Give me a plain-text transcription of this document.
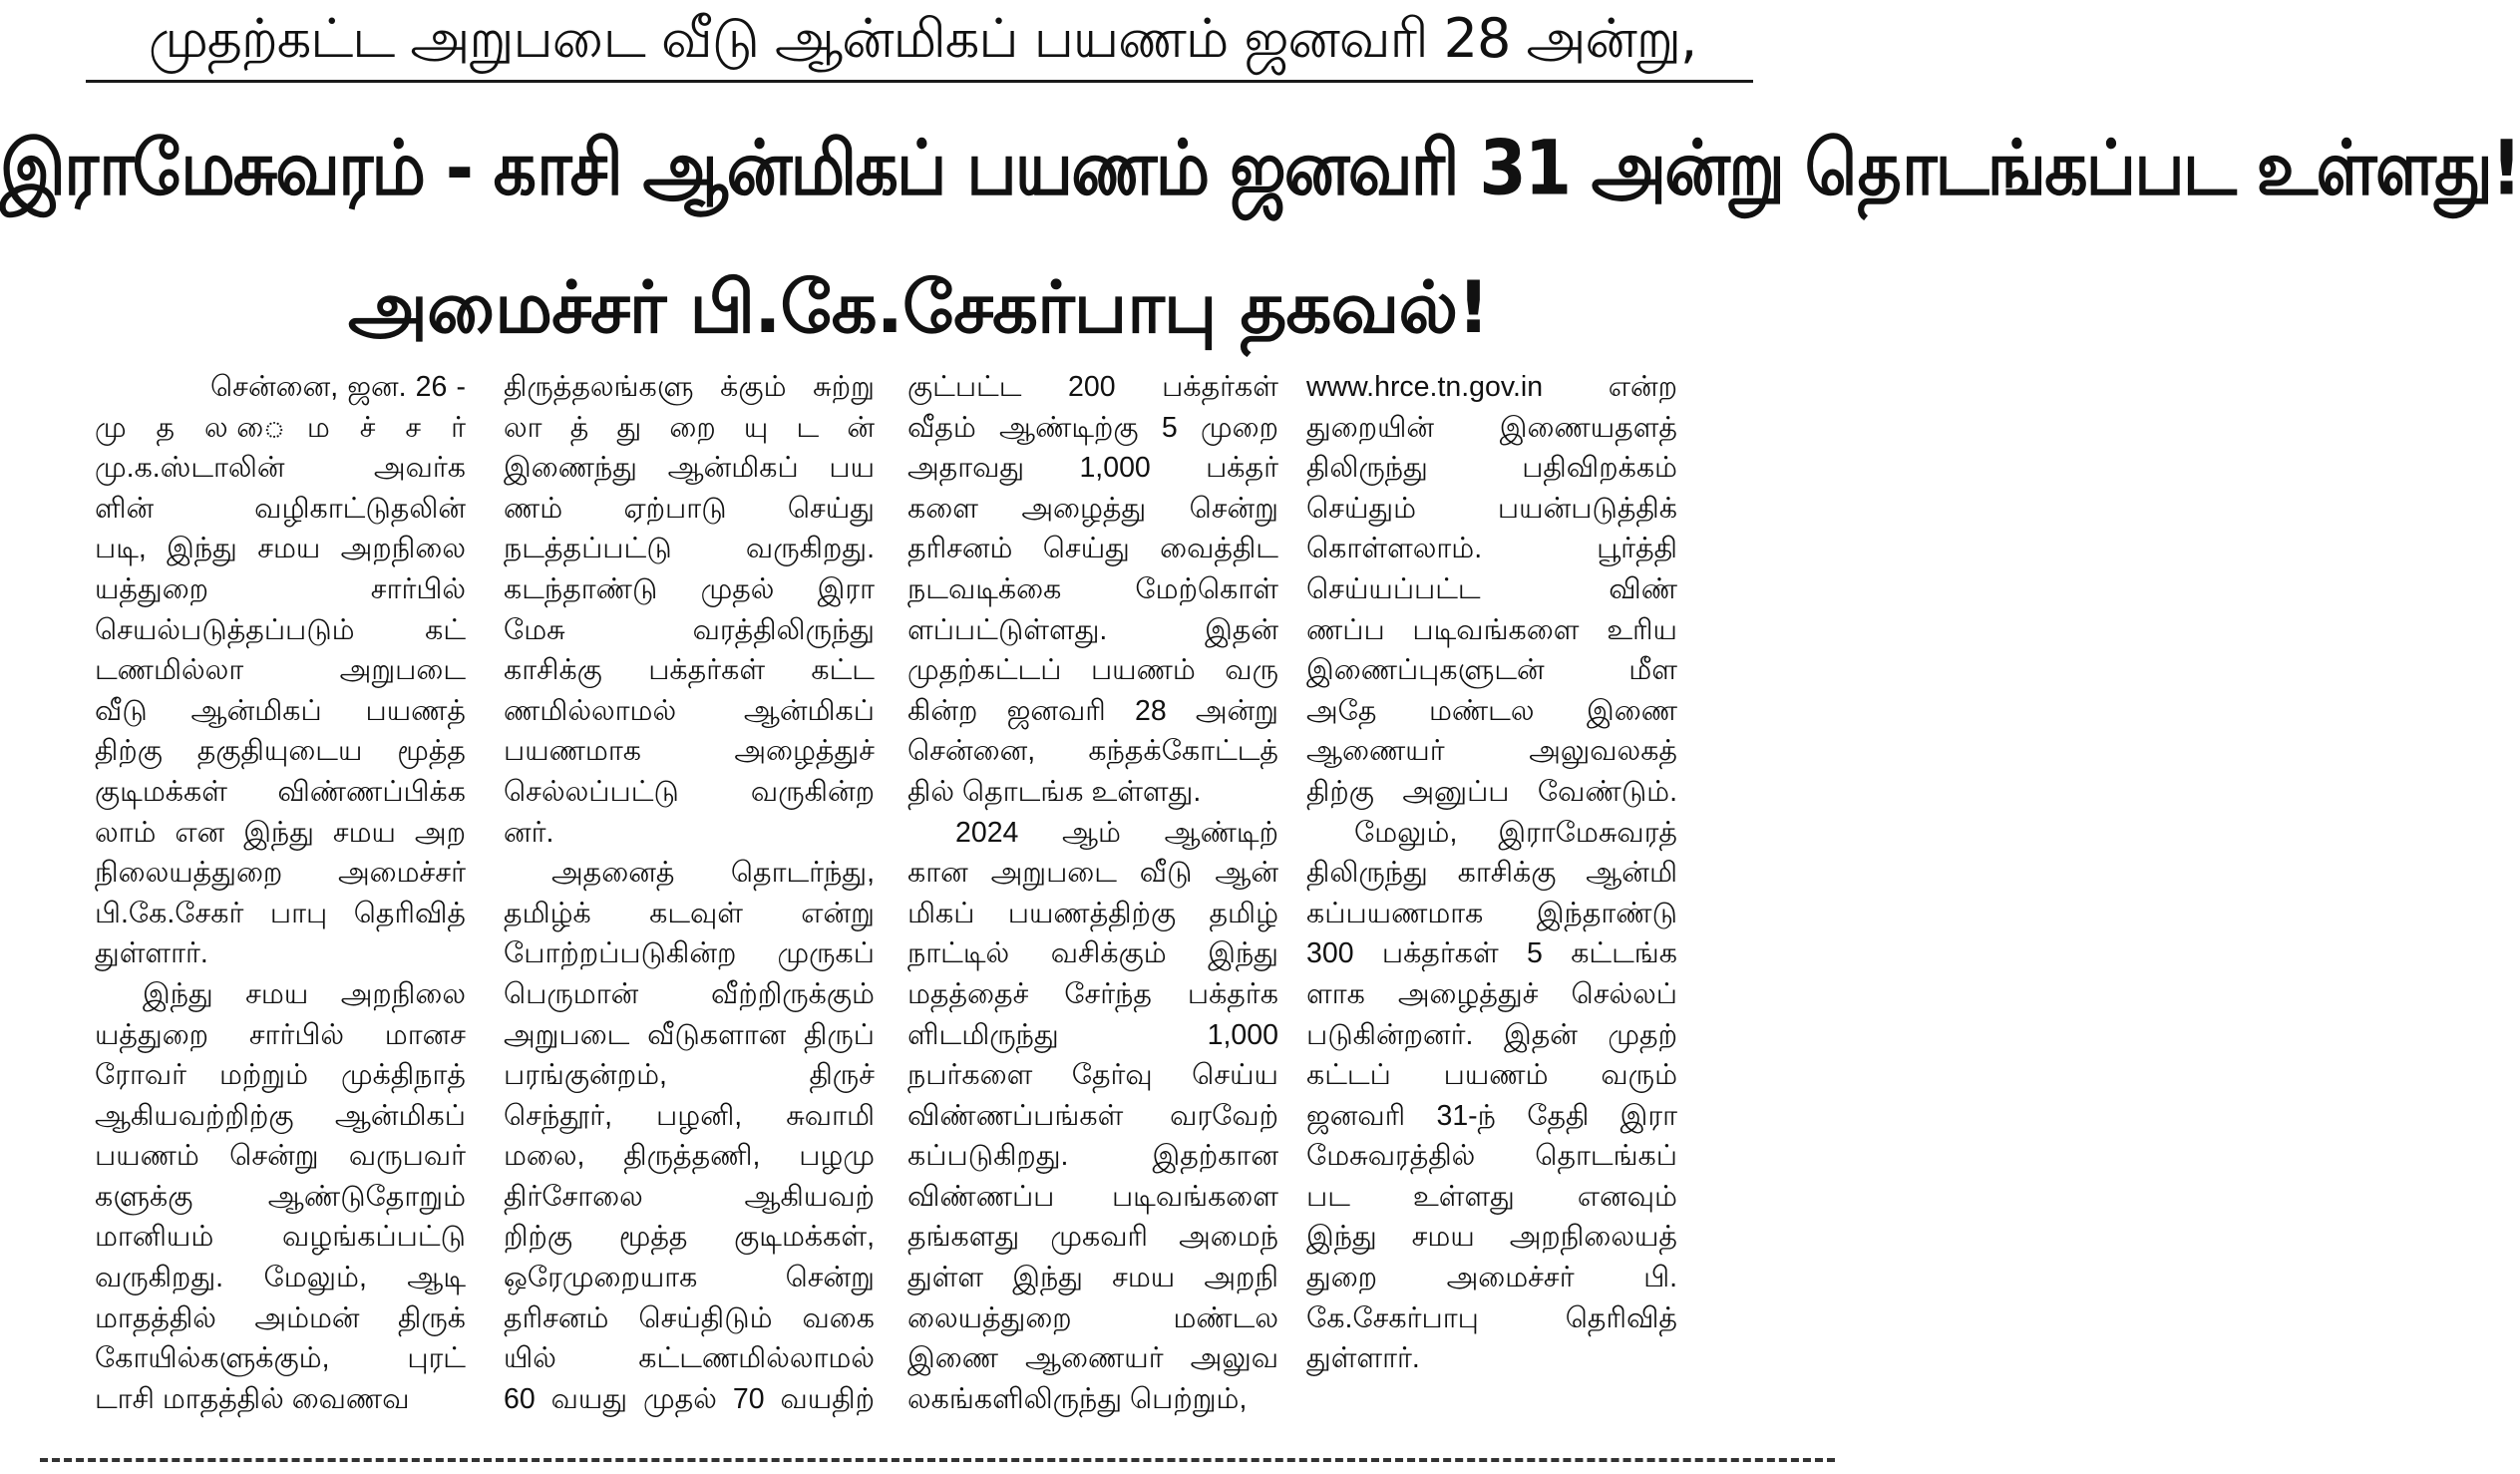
முதற்கட்ட அறுபடை வீடு ஆன்மிகப் பயணம் ஜனவரி 28 அன்று,
இராமேசுவரம் - காசி ஆன்மிகப் பயணம் ஜனவரி 31 அன்று தொடங்கப்பட உள்ளது!
அமைச்சர் பி.கே.சேகர்பாபு தகவல்!
சென்னை, ஜன. 26 -
மு த ல ைம ச் ச ர்
மு.க.ஸ்டாலின் அவர்க
ளின் வழிகாட்டுதலின்
படி, இந்து சமய அறநிலை
யத்துறை சார்பில்
செயல்படுத்தப்படும் கட்
டணமில்லா அறுபடை
வீடு ஆன்மிகப் பயணத்
திற்கு தகுதியுடைய மூத்த
குடிமக்கள் விண்ணப்பிக்க
லாம் என இந்து சமய அற
நிலையத்துறை அமைச்சர்
பி.கே.சேகர் பாபு தெரிவித்
துள்ளார்.
இந்து சமய அறநிலை
யத்துறை சார்பில் மானச
ரோவர் மற்றும் முக்திநாத்
ஆகியவற்றிற்கு ஆன்மிகப்
பயணம் சென்று வருபவர்
களுக்கு ஆண்டுதோறும்
மானியம் வழங்கப்பட்டு
வருகிறது. மேலும், ஆடி
மாதத்தில் அம்மன் திருக்
கோயில்களுக்கும், புரட்
டாசி மாதத்தில் வைணவ
திருத்தலங்களு க்கும் சுற்று
லா த் து றை யு ட ன்
இணைந்து ஆன்மிகப் பய
ணம் ஏற்பாடு செய்து
நடத்தப்பட்டு வருகிறது.
கடந்தாண்டு முதல் இரா
மேசு வரத்திலிருந்து
காசிக்கு பக்தர்கள் கட்ட
ணமில்லாமல் ஆன்மிகப்
பயணமாக அழைத்துச்
செல்லப்பட்டு வருகின்ற
னர்.
அதனைத் தொடர்ந்து,
தமிழ்க் கடவுள் என்று
போற்றப்படுகின்ற முருகப்
பெருமான் வீற்றிருக்கும்
அறுபடை வீடுகளான திருப்
பரங்குன்றம், திருச்
செந்தூர், பழனி, சுவாமி
மலை, திருத்தணி, பழமு
திர்சோலை ஆகியவற்
றிற்கு மூத்த குடிமக்கள்,
ஒரேமுறையாக சென்று
தரிசனம் செய்திடும் வகை
யில் கட்டணமில்லாமல்
60 வயது முதல் 70 வயதிற்
குட்பட்ட 200 பக்தர்கள்
வீதம் ஆண்டிற்கு 5 முறை
அதாவது 1,000 பக்தர்
களை அழைத்து சென்று
தரிசனம் செய்து வைத்திட
நடவடிக்கை மேற்கொள்
ளப்பட்டுள்ளது. இதன்
முதற்கட்டப் பயணம் வரு
கின்ற ஜனவரி 28 அன்று
சென்னை, கந்தக்கோட்டத்
தில் தொடங்க உள்ளது.
2024 ஆம் ஆண்டிற்
கான அறுபடை வீடு ஆன்
மிகப் பயணத்திற்கு தமிழ்
நாட்டில் வசிக்கும் இந்து
மதத்தைச் சேர்ந்த பக்தர்க
ளிடமிருந்து 1,000
நபர்களை தேர்வு செய்ய
விண்ணப்பங்கள் வரவேற்
கப்படுகிறது. இதற்கான
விண்ணப்ப படிவங்களை
தங்களது முகவரி அமைந்
துள்ள இந்து சமய அறநி
லையத்துறை மண்டல
இணை ஆணையர் அலுவ
லகங்களிலிருந்து பெற்றும்,
www.hrce.tn.gov.in என்ற
துறையின் இணையதளத்
திலிருந்து பதிவிறக்கம்
செய்தும் பயன்படுத்திக்
கொள்ளலாம். பூர்த்தி
செய்யப்பட்ட விண்
ணப்ப படிவங்களை உரிய
இணைப்புகளுடன் மீள
அதே மண்டல இணை
ஆணையர் அலுவலகத்
திற்கு அனுப்ப வேண்டும்.
மேலும், இராமேசுவரத்
திலிருந்து காசிக்கு ஆன்மி
கப்பயணமாக இந்தாண்டு
300 பக்தர்கள் 5 கட்டங்க
ளாக அழைத்துச் செல்லப்
படுகின்றனர். இதன் முதற்
கட்டப் பயணம் வரும்
ஜனவரி 31-ந் தேதி இரா
மேசுவரத்தில் தொடங்கப்
பட உள்ளது எனவும்
இந்து சமய அறநிலையத்
துறை அமைச்சர் பி.
கே.சேகர்பாபு தெரிவித்
துள்ளார்.
